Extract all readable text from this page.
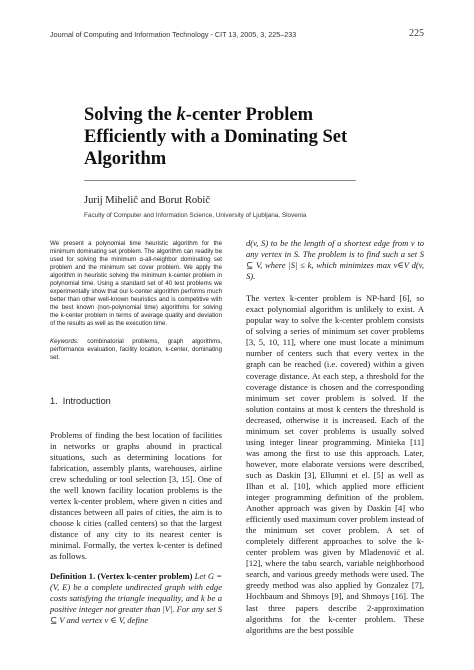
Journal of Computing and Information Technology - CIT 13, 2005, 3, 225–233	225
Solving the k-center Problem
Efficiently with a Dominating Set
Algorithm
Jurij Mihelič and Borut Robič
Faculty of Computer and Information Science, University of Ljubljana, Slovenia
We present a polynomial time heuristic algorithm for the minimum dominating set problem. The algorithm can readily be used for solving the minimum α-all-neighbor dominating set problem and the minimum set cover problem. We apply the algorithm in heuristic solving the minimum k-center problem in polynomial time. Using a standard set of 40 test problems we experimentally show that our k-center algorithm performs much better than other well-known heuristics and is competitive with the best known (non-polynomial time) algorithms for solving the k-center problem in terms of average quality and deviation of the results as well as the execution time.
Keywords: combinatorial problems, graph algorithms, performance evaluation, facility location, k-center, dominating set.
1. Introduction
Problems of finding the best location of facilities in networks or graphs abound in practical situations, such as determining locations for fabrication, assembly plants, warehouses, airline crew scheduling or tool selection [3, 15]. One of the well known facility location problems is the vertex k-center problem, where given n cities and distances between all pairs of cities, the aim is to choose k cities (called centers) so that the largest distance of any city to its nearest center is minimal. Formally, the vertex k-center is defined as follows.
Definition 1. (Vertex k-center problem) Let G = (V, E) be a complete undirected graph with edge costs satisfying the triangle inequality, and k be a positive integer not greater than |V|. For any set S ⊆ V and vertex v ∈ V, define
d(v, S) to be the length of a shortest edge from v to any vertex in S. The problem is to find such a set S ⊆ V, where |S| ≤ k, which minimizes max v∈V d(v, S).
The vertex k-center problem is NP-hard [6], so exact polynomial algorithm is unlikely to exist. A popular way to solve the k-center problem consists of solving a series of minimum set cover problems [3, 5, 10, 11], where one must locate a minimum number of centers such that every vertex in the graph can be reached (i.e. covered) within a given coverage distance. At each step, a threshold for the coverage distance is chosen and the corresponding minimum set cover problem is solved. If the solution contains at most k centers the threshold is decreased, otherwise it is increased. Each of the minimum set cover problems is usually solved using integer linear programming. Minieka [11] was among the first to use this approach. Later, however, more elaborate versions were described, such as Daskin [3], Ellumni et el. [5] as well as Ilhan et al. [10], which applied more efficient integer programming definition of the problem. Another approach was given by Daskin [4] who efficiently used maximum cover problem instead of the minimum set cover problem. A set of completely different approaches to solve the k-center problem was given by Mladenović et al. [12], where the tabu search, variable neighborhood search, and various greedy methods were used. The greedy method was also applied by Gonzalez [7], Hochbaum and Shmoys [9], and Shmoys [16]. The last three papers describe 2-approximation algorithms for the k-center problem. These algorithms are the best possible
